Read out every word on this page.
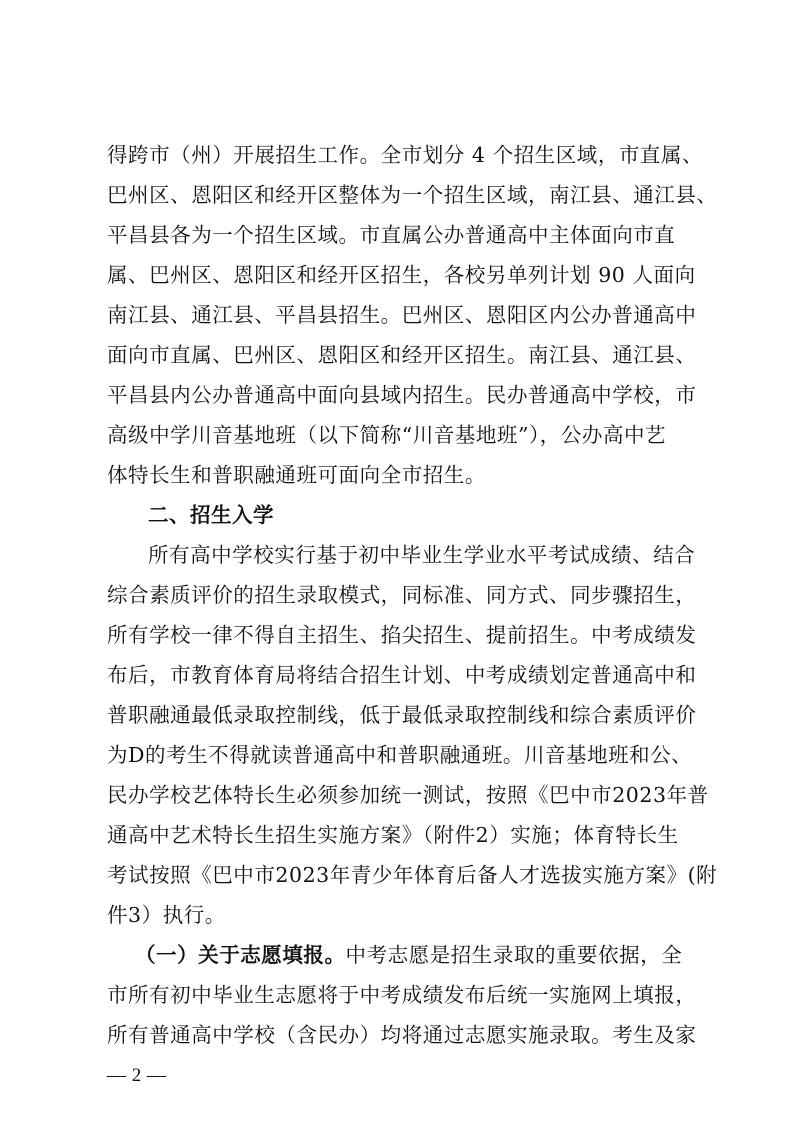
得跨市（州）开展招生工作。全市划分 4 个招生区域，市直属、
巴州区、恩阳区和经开区整体为一个招生区域，南江县、通江县、
平昌县各为一个招生区域。市直属公办普通高中主体面向市直
属、巴州区、恩阳区和经开区招生，各校另单列计划 90 人面向
南江县、通江县、平昌县招生。巴州区、恩阳区内公办普通高中
面向市直属、巴州区、恩阳区和经开区招生。南江县、通江县、
平昌县内公办普通高中面向县域内招生。民办普通高中学校，市
高级中学川音基地班（以下简称“川音基地班”），公办高中艺
体特长生和普职融通班可面向全市招生。
二、招生入学
所有高中学校实行基于初中毕业生学业水平考试成绩、结合
综合素质评价的招生录取模式，同标准、同方式、同步骤招生，
所有学校一律不得自主招生、掐尖招生、提前招生。中考成绩发
布后，市教育体育局将结合招生计划、中考成绩划定普通高中和
普职融通最低录取控制线，低于最低录取控制线和综合素质评价
为D的考生不得就读普通高中和普职融通班。川音基地班和公、
民办学校艺体特长生必须参加统一测试，按照《巴中市2023年普
通高中艺术特长生招生实施方案》（附件2）实施；体育特长生
考试按照《巴中市2023年青少年体育后备人才选拔实施方案》(附
件3）执行。
（一）关于志愿填报。中考志愿是招生录取的重要依据，全
市所有初中毕业生志愿将于中考成绩发布后统一实施网上填报，
所有普通高中学校（含民办）均将通过志愿实施录取。考生及家
— 2 —
